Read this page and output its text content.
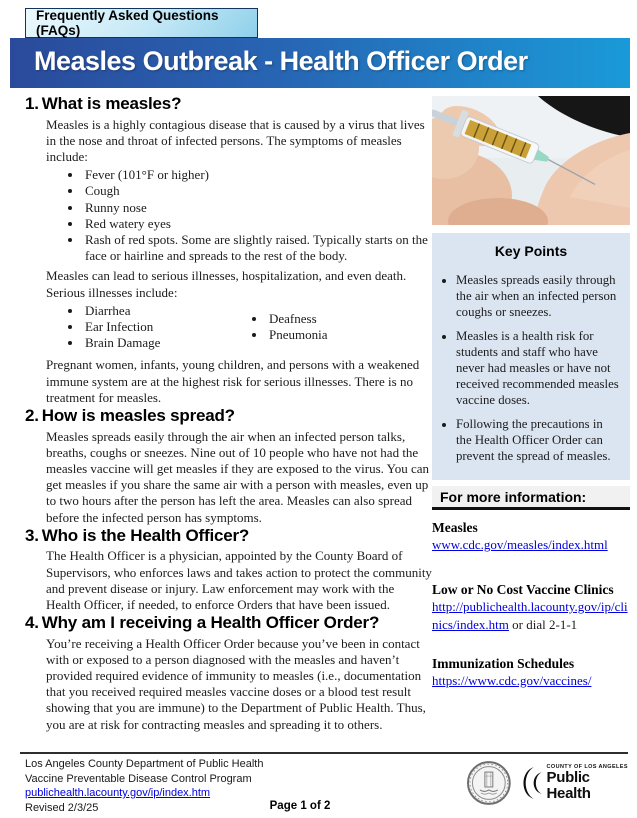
Frequently Asked Questions (FAQs)
Measles Outbreak - Health Officer Order
1. What is measles?

Measles is a highly contagious disease that is caused by a virus that lives in the nose and throat of infected persons. The symptoms of measles include:

• Fever (101°F or higher)
• Cough
• Runny nose
• Red watery eyes
• Rash of red spots. Some are slightly raised. Typically starts on the face or hairline and spreads to the rest of the body.

Measles can lead to serious illnesses, hospitalization, and even death. Serious illnesses include:

• Diarrhea
• Ear Infection
• Brain Damage
• Deafness
• Pneumonia

Pregnant women, infants, young children, and persons with a weakened immune system are at the highest risk for serious illnesses. There is no treatment for measles.

2. How is measles spread?

Measles spreads easily through the air when an infected person talks, breaths, coughs or sneezes. Nine out of 10 people who have not had the measles vaccine will get measles if they are exposed to the virus. You can get measles if you share the same air with a person with measles, even up to two hours after the person has left the area. Measles can also spread before the infected person has symptoms.

3. Who is the Health Officer?

The Health Officer is a physician, appointed by the County Board of Supervisors, who enforces laws and takes action to protect the community and prevent disease or injury. Law enforcement may work with the Health Officer, if needed, to enforce Orders that have been issued.

4. Why am I receiving a Health Officer Order?

You’re receiving a Health Officer Order because you’ve been in contact with or exposed to a person diagnosed with the measles and haven’t provided required evidence of immunity to measles (i.e., documentation that you received required measles vaccine doses or a blood test result showing that you are immune) to the Department of Public Health. Thus, you are at risk for contracting measles and spreading it to others.

Key Points
• Measles spreads easily through the air when an infected person coughs or sneezes.
• Measles is a health risk for students and staff who have never had measles or have not received recommended measles vaccine doses.
• Following the precautions in the Health Officer Order can prevent the spread of measles.
For more information:
Measles
www.cdc.gov/measles/index.html
Low or No Cost Vaccine Clinics
http://publichealth.lacounty.gov/ip/clinics/index.htm or dial 2-1-1
Immunization Schedules
https://www.cdc.gov/vaccines/
Los Angeles County Department of Public Health
Vaccine Preventable Disease Control Program
publichealth.lacounty.gov/ip/index.htm
Revised 2/3/25	Page 1 of 2
COUNTY OF LOS ANGELES
Public Health
